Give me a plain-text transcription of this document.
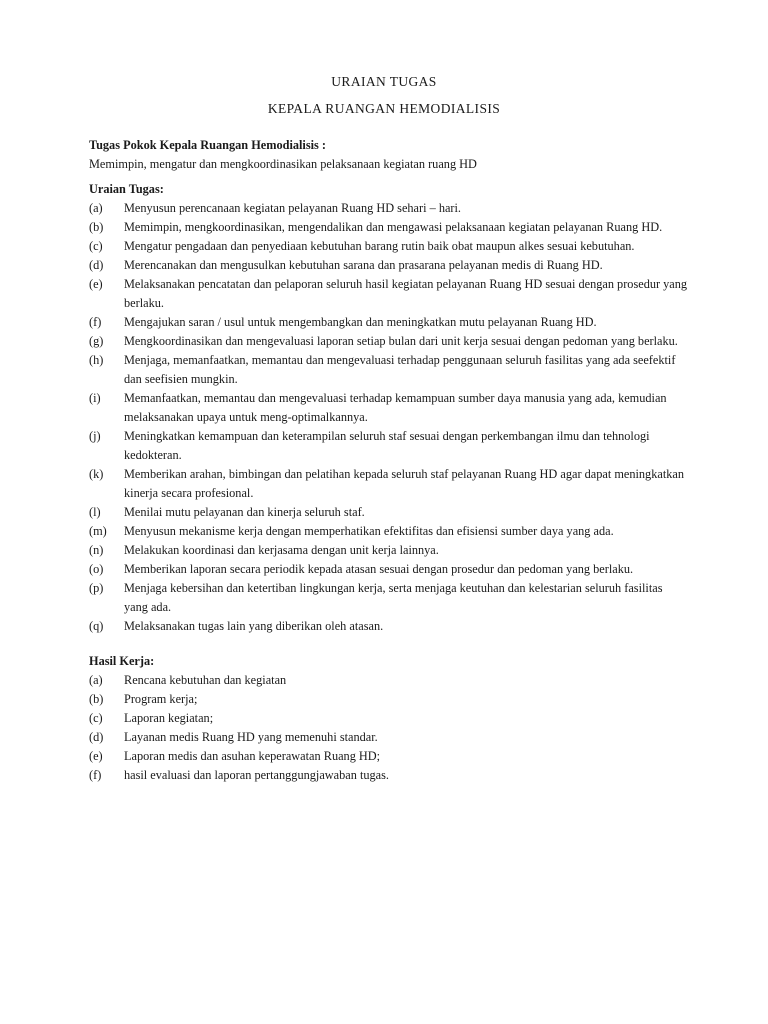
URAIAN TUGAS
KEPALA RUANGAN HEMODIALISIS
Tugas Pokok Kepala Ruangan Hemodialisis :

Memimpin, mengatur dan mengkoordinasikan pelaksanaan kegiatan ruang HD

Uraian Tugas:
(a)	Menyusun perencanaan kegiatan pelayanan Ruang HD sehari – hari.
(b)	Memimpin, mengkoordinasikan, mengendalikan dan mengawasi pelaksanaan kegiatan pelayanan Ruang HD.
(c)	Mengatur pengadaan dan penyediaan kebutuhan barang rutin baik obat maupun alkes sesuai kebutuhan.
(d)	Merencanakan dan mengusulkan kebutuhan sarana dan prasarana pelayanan medis di Ruang HD.
(e)	Melaksanakan pencatatan dan pelaporan seluruh hasil kegiatan pelayanan Ruang HD sesuai dengan prosedur yang berlaku.
(f)	Mengajukan saran / usul untuk mengembangkan dan meningkatkan mutu pelayanan Ruang HD.
(g)	Mengkoordinasikan dan mengevaluasi laporan setiap bulan dari unit kerja sesuai dengan pedoman yang berlaku.
(h)	Menjaga, memanfaatkan, memantau dan mengevaluasi terhadap penggunaan seluruh fasilitas yang ada seefektif dan seefisien mungkin.
(i)	Memanfaatkan, memantau dan mengevaluasi terhadap kemampuan sumber daya manusia yang ada, kemudian melaksanakan upaya untuk meng-optimalkannya.
(j)	Meningkatkan kemampuan dan keterampilan seluruh staf sesuai dengan perkembangan ilmu dan tehnologi kedokteran.
(k)	Memberikan arahan, bimbingan dan pelatihan kepada seluruh staf pelayanan Ruang HD agar dapat meningkatkan kinerja secara profesional.
(l)	Menilai mutu pelayanan dan kinerja seluruh staf.
(m)	Menyusun mekanisme kerja dengan memperhatikan efektifitas dan efisiensi sumber daya yang ada.
(n)	Melakukan koordinasi dan kerjasama dengan unit kerja lainnya.
(o)	Memberikan laporan secara periodik kepada atasan sesuai dengan prosedur dan pedoman yang berlaku.
(p)	Menjaga kebersihan dan ketertiban lingkungan kerja, serta menjaga keutuhan dan kelestarian seluruh fasilitas yang ada.
(q)	Melaksanakan tugas lain yang diberikan oleh atasan.
Hasil Kerja:
(a)	Rencana kebutuhan dan kegiatan
(b)	Program kerja;
(c)	Laporan kegiatan;
(d)	Layanan medis Ruang HD yang memenuhi standar.
(e)	Laporan medis dan asuhan keperawatan Ruang HD;
(f)	hasil evaluasi dan laporan pertanggungjawaban tugas.
